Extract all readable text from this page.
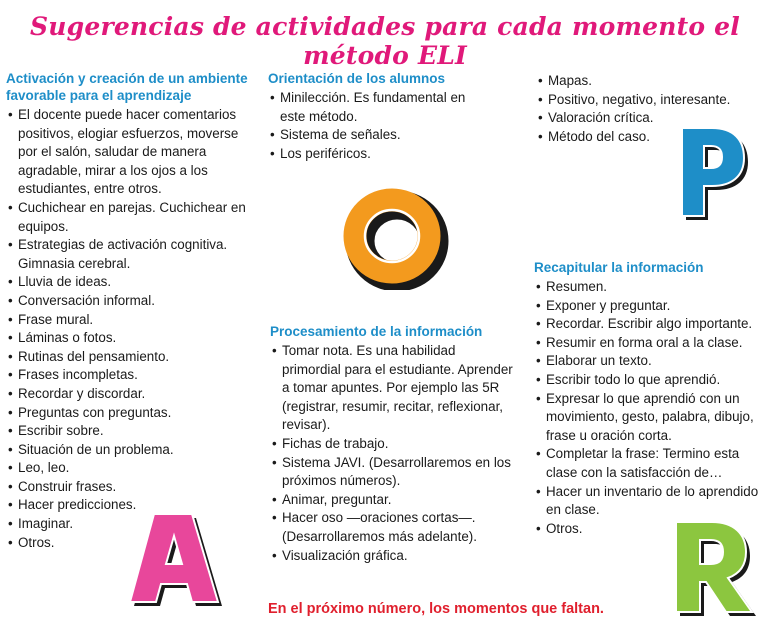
Sugerencias de actividades para cada momento el método ELI
Activación y creación de un ambiente favorable para el aprendizaje
• El docente puede hacer comentarios positivos, elogiar esfuerzos, moverse por el salón, saludar de manera agradable, mirar a los ojos a los estudiantes, entre otros.
• Cuchichear en parejas. Cuchichear en equipos.
• Estrategias de activación cognitiva. Gimnasia cerebral.
• Lluvia de ideas.
• Conversación informal.
• Frase mural.
• Láminas o fotos.
• Rutinas del pensamiento.
• Frases incompletas.
• Recordar y discordar.
• Preguntas con preguntas.
• Escribir sobre.
• Situación de un problema.
• Leo, leo.
• Construir frases.
• Hacer predicciones.
• Imaginar.
• Otros.
Orientación de los alumnos
• Minilección. Es fundamental en este método.
• Sistema de señales.
• Los periféricos.
• Mapas.
• Positivo, negativo, interesante.
• Valoración crítica.
• Método del caso.
Recapitular la información
• Resumen.
• Exponer y preguntar.
• Recordar. Escribir algo importante.
• Resumir en forma oral a la clase.
• Elaborar un texto.
• Escribir todo lo que aprendió.
• Expresar lo que aprendió con un movimiento, gesto, palabra, dibujo, frase u oración corta.
• Completar la frase: Termino esta clase con la satisfacción de…
• Hacer un inventario de lo aprendido en clase.
• Otros.
Procesamiento de la información
• Tomar nota. Es una habilidad primordial para el estudiante. Aprender a tomar apuntes. Por ejemplo las 5R (registrar, resumir, recitar, reflexionar, revisar).
• Fichas de trabajo.
• Sistema JAVI. (Desarrollaremos en los próximos números).
• Animar, preguntar.
• Hacer oso —oraciones cortas—. (Desarrollaremos más adelante).
• Visualización gráfica.

En el próximo número, los momentos que faltan.
